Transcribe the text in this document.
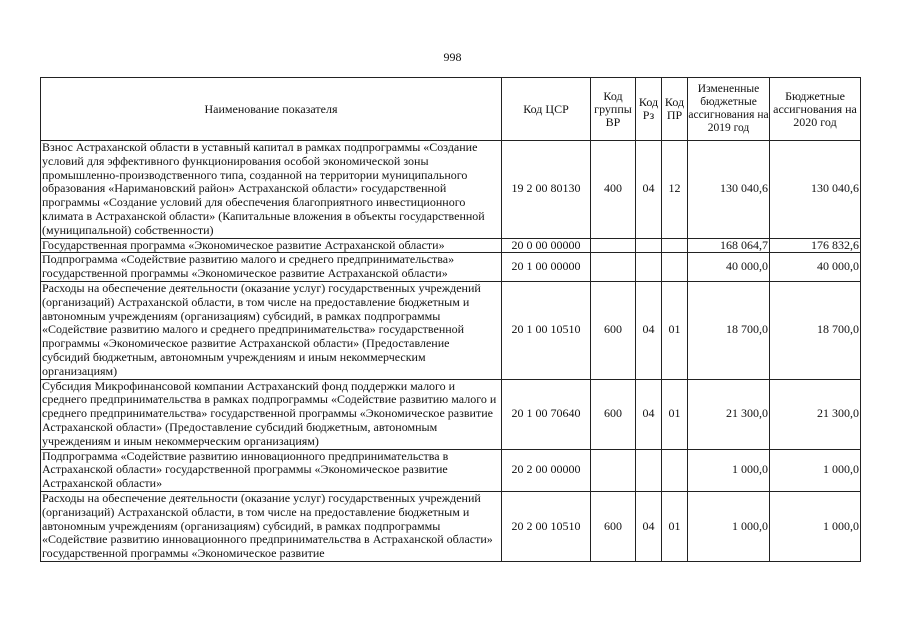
998
Наименование показателя	Код ЦСР	Код группы ВР	Код Рз	Код ПР	Измененные бюджетные ассигнования на 2019 год	Бюджетные ассигнования на 2020 год
Взнос Астраханской области в уставный капитал в рамках подпрограммы «Создание условий для эффективного функционирования особой экономической зоны промышленно-производственного типа, созданной на территории муниципального образования «Наримановский район» Астраханской области» государственной программы «Создание условий для обеспечения благоприятного инвестиционного климата в Астраханской области» (Капитальные вложения в объекты государственной (муниципальной) собственности)	19 2 00 80130	400	04	12	130 040,6	130 040,6
Государственная программа «Экономическое развитие Астраханской области»	20 0 00 00000				168 064,7	176 832,6
Подпрограмма «Содействие развитию малого и среднего предпринимательства» государственной программы «Экономическое развитие Астраханской области»	20 1 00 00000				40 000,0	40 000,0
Расходы на обеспечение деятельности (оказание услуг) государственных учреждений (организаций) Астраханской области, в том числе на предоставление бюджетным и автономным учреждениям (организациям) субсидий, в рамках подпрограммы «Содействие развитию малого и среднего предпринимательства» государственной программы «Экономическое развитие Астраханской области» (Предоставление субсидий бюджетным, автономным учреждениям и иным некоммерческим организациям)	20 1 00 10510	600	04	01	18 700,0	18 700,0
Субсидия Микрофинансовой компании Астраханский фонд поддержки малого и среднего предпринимательства в рамках подпрограммы «Содействие развитию малого и среднего предпринимательства» государственной программы «Экономическое развитие Астраханской области» (Предоставление субсидий бюджетным, автономным учреждениям и иным некоммерческим организациям)	20 1 00 70640	600	04	01	21 300,0	21 300,0
Подпрограмма «Содействие развитию инновационного предпринимательства в Астраханской области» государственной программы «Экономическое развитие Астраханской области»	20 2 00 00000				1 000,0	1 000,0
Расходы на обеспечение деятельности (оказание услуг) государственных учреждений (организаций) Астраханской области, в том числе на предоставление бюджетным и автономным учреждениям (организациям) субсидий, в рамках подпрограммы «Содействие развитию инновационного предпринимательства в Астраханской области» государственной программы «Экономическое развитие	20 2 00 10510	600	04	01	1 000,0	1 000,0
